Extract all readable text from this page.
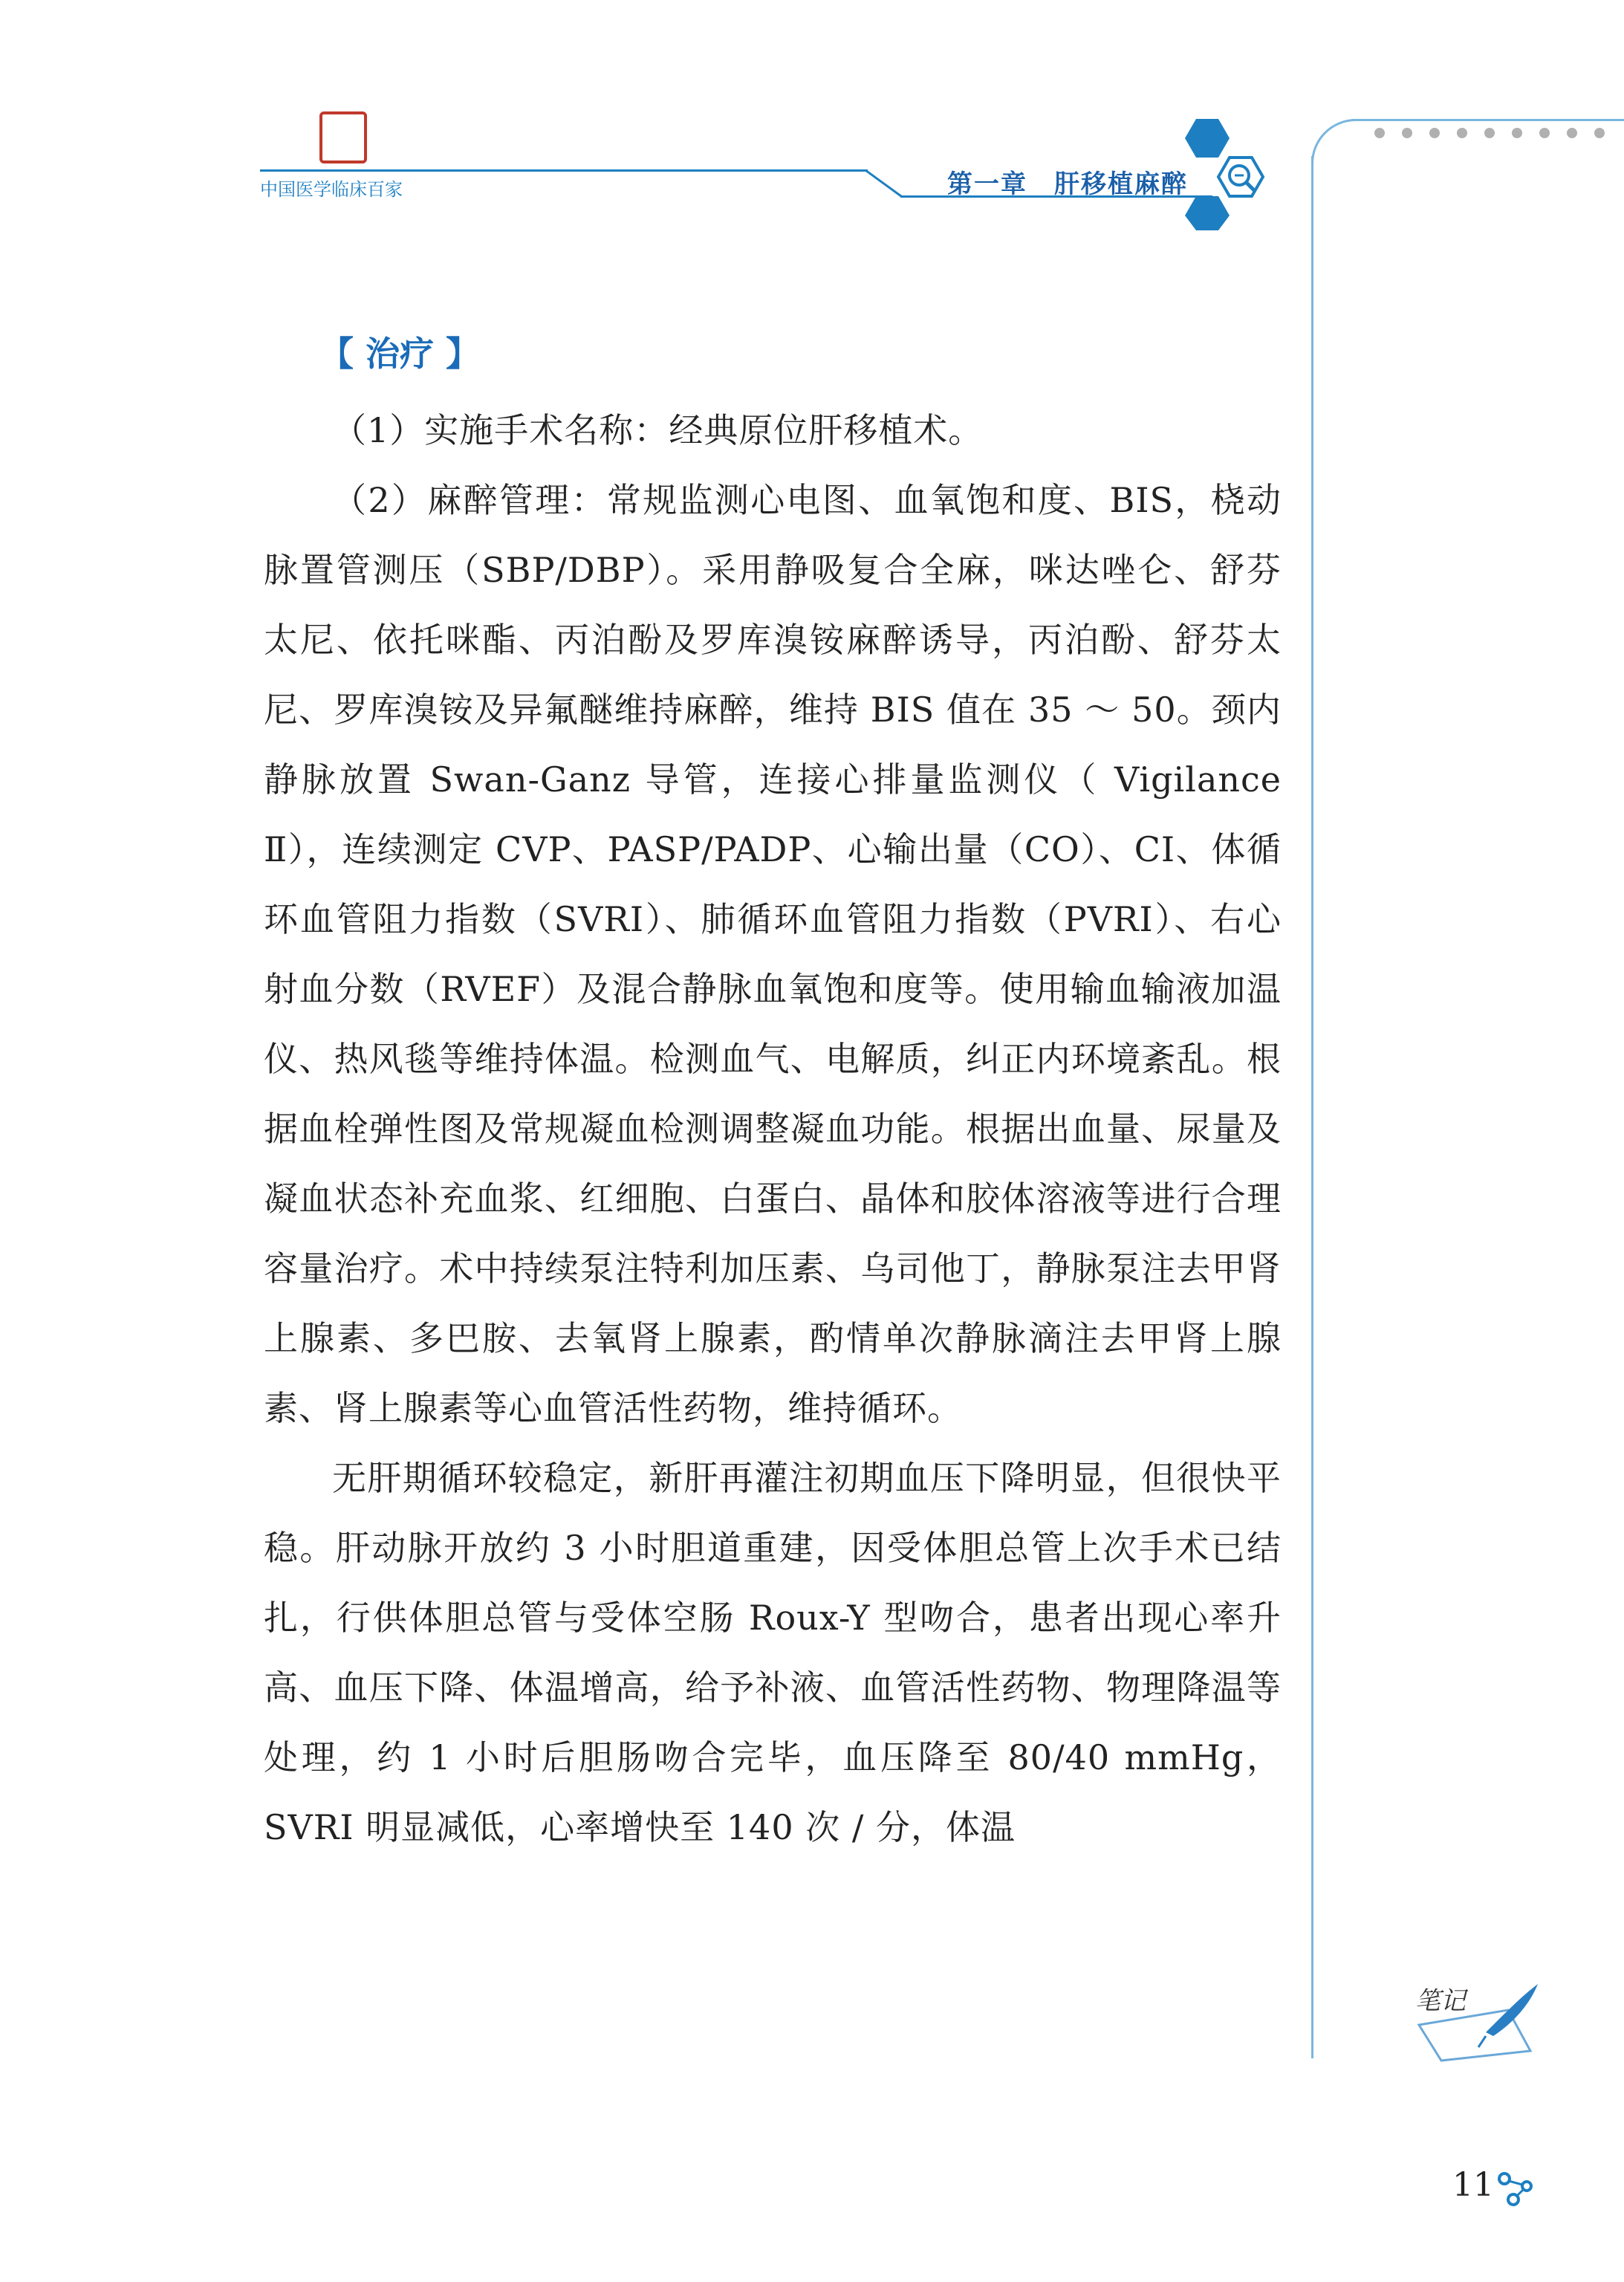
中国医学临床百家	第一章　肝移植麻醉
【 治疗 】

（1）实施手术名称：经典原位肝移植术。

（2）麻醉管理：常规监测心电图、血氧饱和度、BIS，桡动脉置管测压（SBP/DBP）。采用静吸复合全麻，咪达唑仑、舒芬太尼、依托咪酯、丙泊酚及罗库溴铵麻醉诱导，丙泊酚、舒芬太尼、罗库溴铵及异氟醚维持麻醉，维持 BIS 值在 35 ～ 50。颈内静脉放置 Swan-Ganz 导管，连接心排量监测仪（ Vigilance Ⅱ），连续测定 CVP、PASP/PADP、心输出量（CO）、CI、体循环血管阻力指数（SVRI）、肺循环血管阻力指数（PVRI）、右心射血分数（RVEF）及混合静脉血氧饱和度等。使用输血输液加温仪、热风毯等维持体温。检测血气、电解质，纠正内环境紊乱。根据血栓弹性图及常规凝血检测调整凝血功能。根据出血量、尿量及凝血状态补充血浆、红细胞、白蛋白、晶体和胶体溶液等进行合理容量治疗。术中持续泵注特利加压素、乌司他丁，静脉泵注去甲肾上腺素、多巴胺、去氧肾上腺素，酌情单次静脉滴注去甲肾上腺素、肾上腺素等心血管活性药物，维持循环。

无肝期循环较稳定，新肝再灌注初期血压下降明显，但很快平稳。肝动脉开放约 3 小时胆道重建，因受体胆总管上次手术已结扎，行供体胆总管与受体空肠 Roux-Y 型吻合，患者出现心率升高、血压下降、体温增高，给予补液、血管活性药物、物理降温等处理，约 1 小时后胆肠吻合完毕，血压降至 80/40 mmHg，SVRI 明显减低，心率增快至 140 次 / 分，体温

笔记
11
